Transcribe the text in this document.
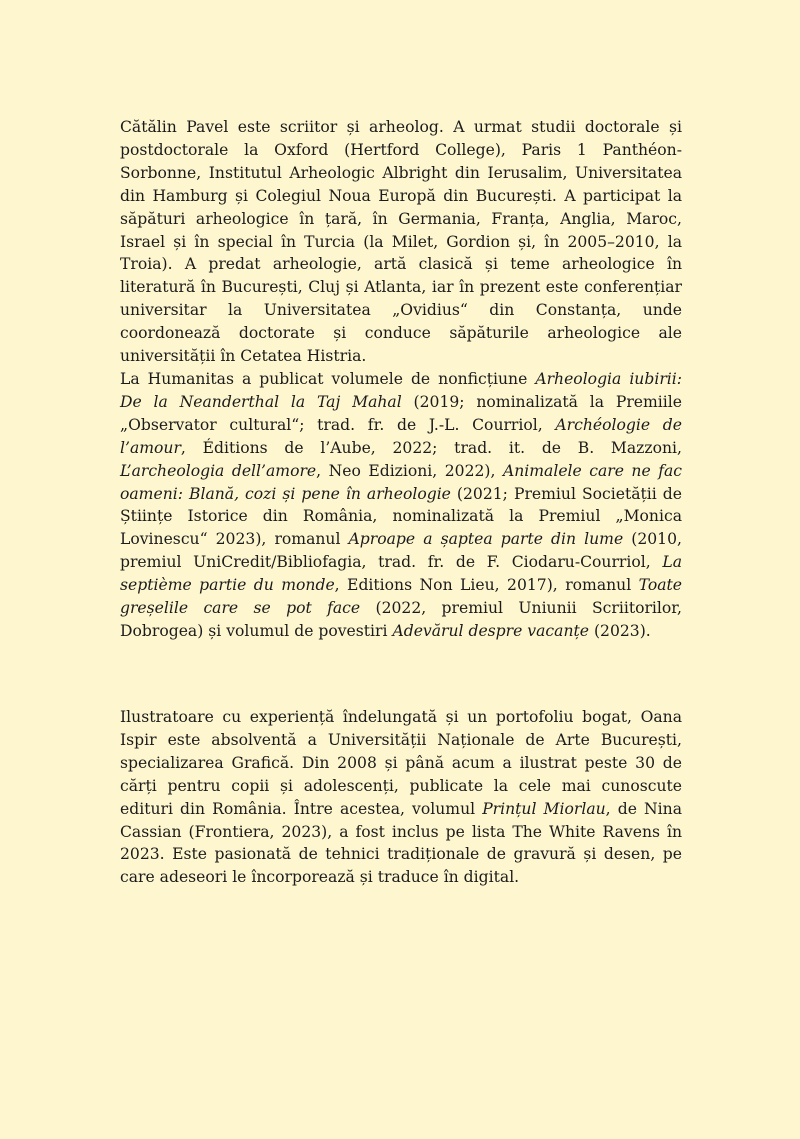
Cătălin Pavel este scriitor și arheolog. A urmat studii doctorale și postdoctorale la Oxford (Hertford College), Paris 1 Panthéon-Sorbonne, Institutul Arheologic Albright din Ierusalim, Universitatea din Hamburg și Colegiul Noua Europă din București. A participat la săpături arheologice în țară, în Germania, Franța, Anglia, Maroc, Israel și în special în Turcia (la Milet, Gordion și, în 2005–2010, la Troia). A predat arheologie, artă clasică și teme arheologice în literatură în București, Cluj și Atlanta, iar în prezent este conferențiar universitar la Universitatea „Ovidius“ din Constanța, unde coordonează doctorate și conduce săpăturile arheologice ale universității în Cetatea Histria.

La Humanitas a publicat volumele de nonficțiune Arheologia iubirii: De la Neanderthal la Taj Mahal (2019; nominalizată la Premiile „Observator cultural“; trad. fr. de J.-L. Courriol, Archéologie de l’amour, Éditions de l’Aube, 2022; trad. it. de B. Mazzoni, L’archeologia dell’amore, Neo Edizioni, 2022), Animalele care ne fac oameni: Blană, cozi și pene în arheologie (2021; Premiul Societății de Științe Istorice din România, nominalizată la Premiul „Monica Lovinescu“ 2023), romanul Aproape a șaptea parte din lume (2010, premiul UniCredit/Bibliofagia, trad. fr. de F. Ciodaru-Courriol, La septième partie du monde, Editions Non Lieu, 2017), romanul Toate greșelile care se pot face (2022, premiul Uniunii Scriitorilor, Dobrogea) și volumul de povestiri Adevărul despre vacanțe (2023).

Ilustratoare cu experiență îndelungată și un portofoliu bogat, Oana Ispir este absolventă a Universității Naționale de Arte București, specializarea Grafică. Din 2008 și până acum a ilustrat peste 30 de cărți pentru copii și adolescenți, publicate la cele mai cunoscute edituri din România. Între acestea, volumul Prințul Miorlau, de Nina Cassian (Frontiera, 2023), a fost inclus pe lista The White Ravens în 2023. Este pasionată de tehnici tradiționale de gravură și desen, pe care adeseori le încorporează și traduce în digital.
